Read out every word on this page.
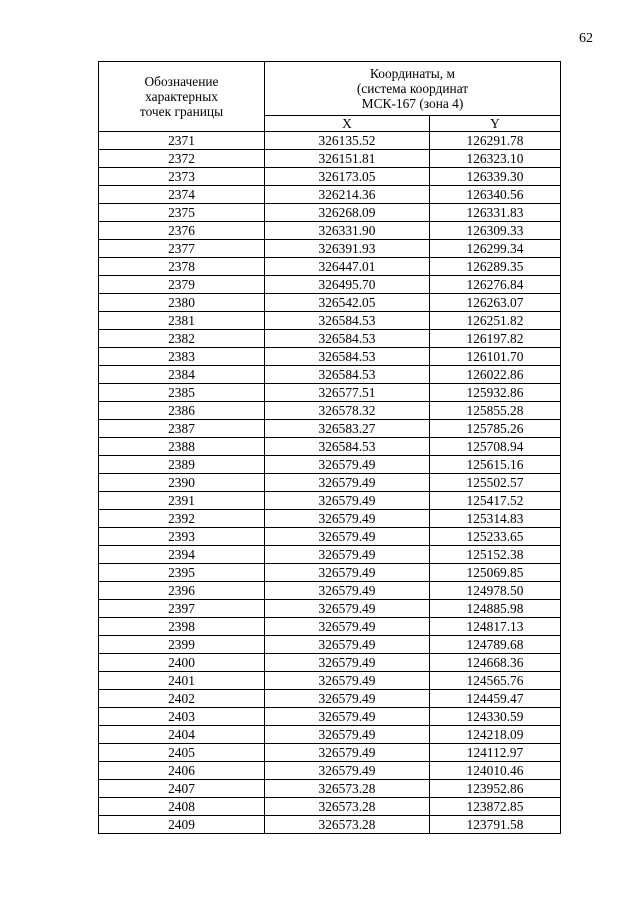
62
Обозначение
характерных
точек границы	Координаты, м
(система координат
МСК-167 (зона 4)	

	X	Y
2371	326135.52	126291.78
2372	326151.81	126323.10
2373	326173.05	126339.30
2374	326214.36	126340.56
2375	326268.09	126331.83
2376	326331.90	126309.33
2377	326391.93	126299.34
2378	326447.01	126289.35
2379	326495.70	126276.84
2380	326542.05	126263.07
2381	326584.53	126251.82
2382	326584.53	126197.82
2383	326584.53	126101.70
2384	326584.53	126022.86
2385	326577.51	125932.86
2386	326578.32	125855.28
2387	326583.27	125785.26
2388	326584.53	125708.94
2389	326579.49	125615.16
2390	326579.49	125502.57
2391	326579.49	125417.52
2392	326579.49	125314.83
2393	326579.49	125233.65
2394	326579.49	125152.38
2395	326579.49	125069.85
2396	326579.49	124978.50
2397	326579.49	124885.98
2398	326579.49	124817.13
2399	326579.49	124789.68
2400	326579.49	124668.36
2401	326579.49	124565.76
2402	326579.49	124459.47
2403	326579.49	124330.59
2404	326579.49	124218.09
2405	326579.49	124112.97
2406	326579.49	124010.46
2407	326573.28	123952.86
2408	326573.28	123872.85
2409	326573.28	123791.58
